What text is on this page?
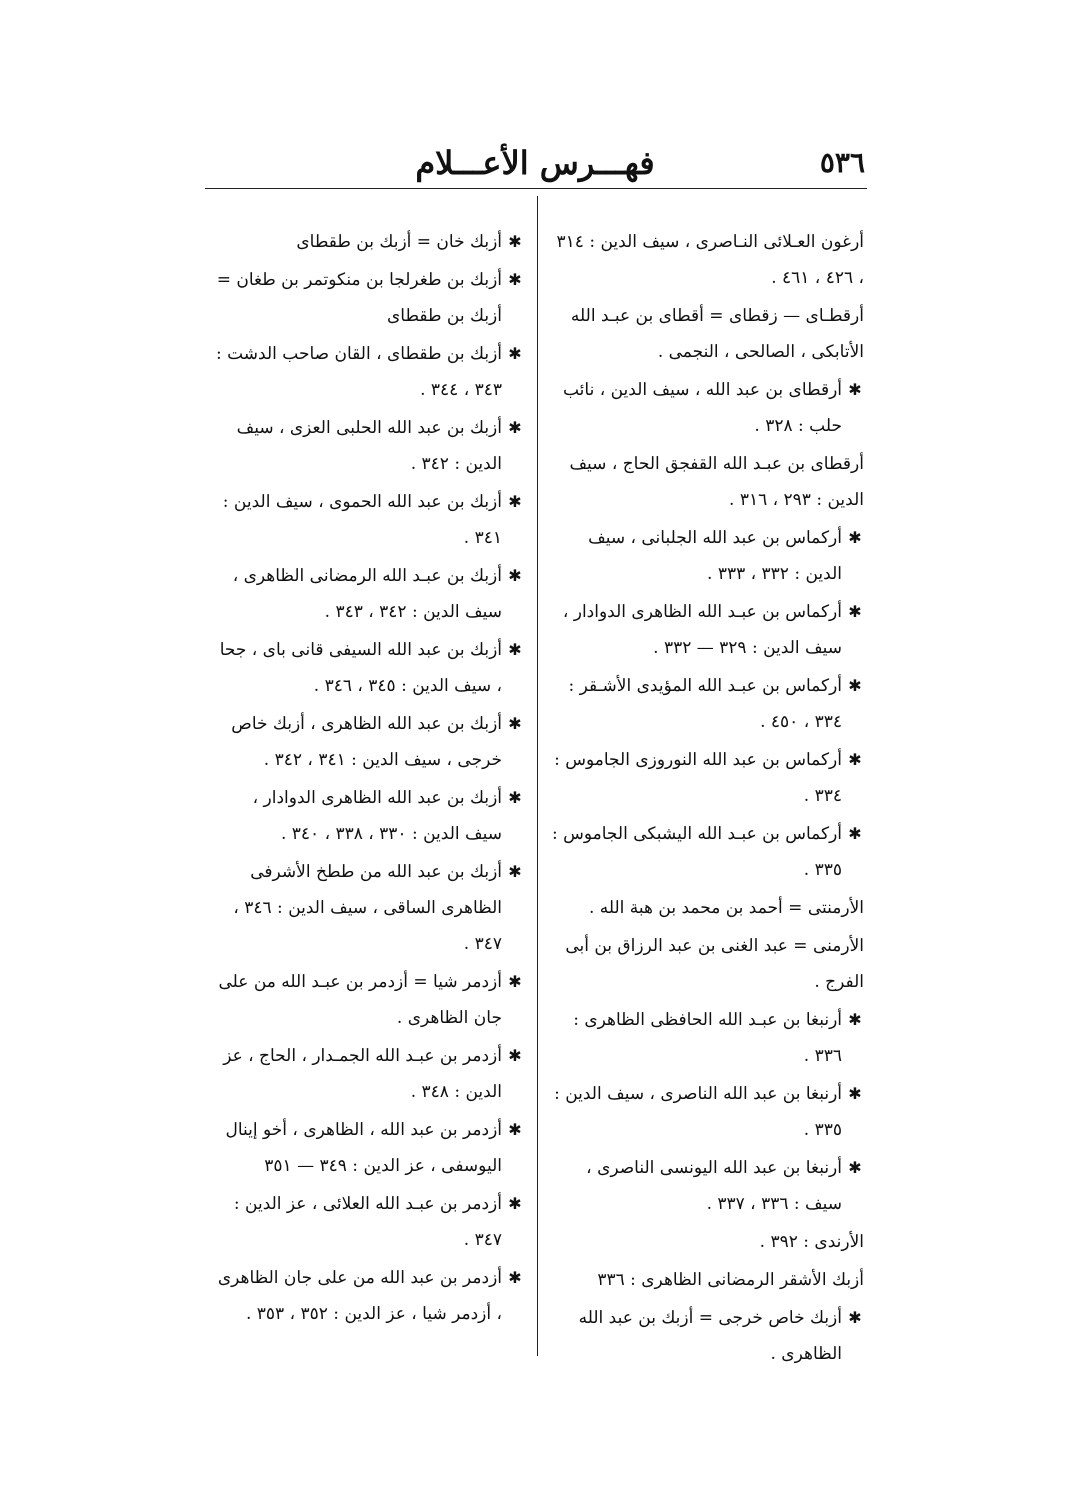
٥٣٦
فهـــرس الأعـــلام
أرغون العـلائى النـاصرى ، سيف الدين : ٣١٤ ، ٤٢٦ ، ٤٦١ .
أرقطـاى — زقطاى = أقطاى بن عبـد الله الأتابكى ، الصالحى ، النجمى .
✱
أرقطاى بن عبد الله ، سيف الدين ، نائب حلب : ٣٢٨ .
أرقطاى بن عبـد الله القفجق الحاج ، سيف الدين : ٢٩٣ ، ٣١٦ .
✱
أركماس بن عبد الله الجلبانى ، سيف الدين : ٣٣٢ ، ٣٣٣ .
✱
أركماس بن عبـد الله الظاهرى الدوادار ، سيف الدين : ٣٢٩ — ٣٣٢ .
✱
أركماس بن عبـد الله المؤيدى الأشـقر : ٣٣٤ ، ٤٥٠ .
✱
أركماس بن عبد الله النوروزى الجاموس : ٣٣٤ .
✱
أركماس بن عبـد الله اليشبكى الجاموس : ٣٣٥ .
الأرمنتى = أحمد بن محمد بن هبة الله .
الأرمنى = عبد الغنى بن عبد الرزاق بن أبى الفرج .
✱
أرنبغا بن عبـد الله الحافظى الظاهرى : ٣٣٦ .
✱
أرنبغا بن عبد الله الناصرى ، سيف الدين : ٣٣٥ .
✱
أرنبغا بن عبد الله اليونسى الناصرى ، سيف : ٣٣٦ ، ٣٣٧ .
الأرندى : ٣٩٢ .
أزبك الأشقر الرمضانى الظاهرى : ٣٣٦
✱
أزبك خاص خرجى = أزبك بن عبد الله الظاهرى .
✱
أزبك خان = أزبك بن طقطاى
✱
أزبك بن طغرلجا بن منكوتمر بن طغان = أزبك بن طقطاى
✱
أزبك بن طقطاى ، القان صاحب الدشت : ٣٤٣ ، ٣٤٤ .
✱
أزبك بن عبد الله الحلبى العزى ، سيف الدين : ٣٤٢ .
✱
أزبك بن عبد الله الحموى ، سيف الدين : ٣٤١ .
✱
أزبك بن عبـد الله الرمضانى الظاهرى ، سيف الدين : ٣٤٢ ، ٣٤٣ .
✱
أزبك بن عبد الله السيفى قانى باى ، جحا ، سيف الدين : ٣٤٥ ، ٣٤٦ .
✱
أزبك بن عبد الله الظاهرى ، أزبك خاص خرجى ، سيف الدين : ٣٤١ ، ٣٤٢ .
✱
أزبك بن عبد الله الظاهرى الدوادار ، سيف الدين : ٣٣٠ ، ٣٣٨ ، ٣٤٠ .
✱
أزبك بن عبد الله من ططخ الأشرفى الظاهرى الساقى ، سيف الدين : ٣٤٦ ، ٣٤٧ .
✱
أزدمر شيا = أزدمر بن عبـد الله من على جان الظاهرى .
✱
أزدمر بن عبـد الله الجمـدار ، الحاج ، عز الدين : ٣٤٨ .
✱
أزدمر بن عبد الله ، الظاهرى ، أخو إينال اليوسفى ، عز الدين : ٣٤٩ — ٣٥١
✱
أزدمر بن عبـد الله العلائى ، عز الدين : ٣٤٧ .
✱
أزدمر بن عبد الله من على جان الظاهرى ، أزدمر شيا ، عز الدين : ٣٥٢ ، ٣٥٣ .
